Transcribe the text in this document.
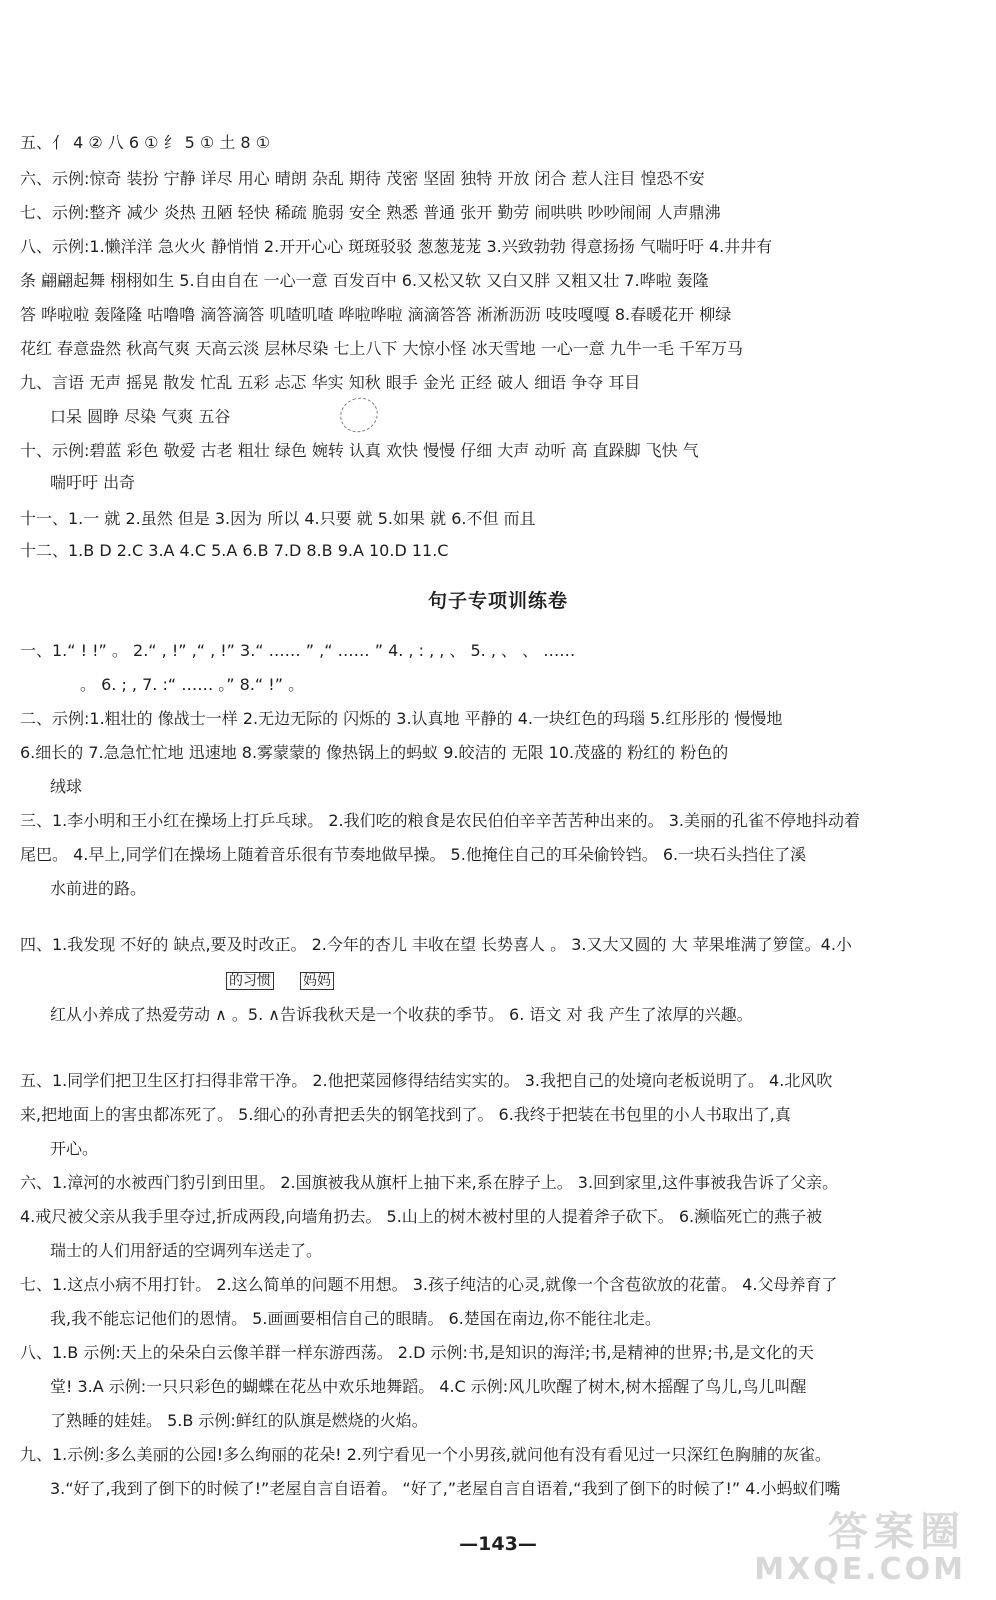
五、亻 4 ② 八 6 ① 纟 5 ① 土 8 ①
六、示例:惊奇 装扮 宁静 详尽 用心 晴朗 杂乱 期待 茂密 坚固 独特 开放 闭合 惹人注目 惶恐不安
七、示例:整齐 减少 炎热 丑陋 轻快 稀疏 脆弱 安全 熟悉 普通 张开 勤劳 闹哄哄 吵吵闹闹 人声鼎沸
八、示例:1.懒洋洋 急火火 静悄悄 2.开开心心 斑斑驳驳 葱葱茏茏 3.兴致勃勃 得意扬扬 气喘吁吁 4.井井有
条 翩翩起舞 栩栩如生 5.自由自在 一心一意 百发百中 6.又松又软 又白又胖 又粗又壮 7.哗啦 轰隆
答 哗啦啦 轰隆隆 咕噜噜 滴答滴答 叽喳叽喳 哗啦哗啦 滴滴答答 淅淅沥沥 吱吱嘎嘎 8.春暖花开 柳绿
花红 春意盎然 秋高气爽 天高云淡 层林尽染 七上八下 大惊小怪 冰天雪地 一心一意 九牛一毛 千军万马
九、言语 无声 摇晃 散发 忙乱 五彩 忐忑 华实 知秋 眼手 金光 正经 破人 细语 争夺 耳目
口呆 圆睁 尽染 气爽 五谷
十、示例:碧蓝 彩色 敬爱 古老 粗壮 绿色 婉转 认真 欢快 慢慢 仔细 大声 动听 高 直跺脚 飞快 气
喘吁吁 出奇
十一、1.一 就 2.虽然 但是 3.因为 所以 4.只要 就 5.如果 就 6.不但 而且
十二、1.B D 2.C 3.A 4.C 5.A 6.B 7.D 8.B 9.A 10.D 11.C
一、1.“ ! !” 。 2.“ , !” ,“ , !” 3.“ …… ” ,“ …… ” 4. , : , , 、 5. , 、 、 ……
。 6. ; , 7. :“ …… 。” 8.“ !” 。
二、示例:1.粗壮的 像战士一样 2.无边无际的 闪烁的 3.认真地 平静的 4.一块红色的玛瑙 5.红彤彤的 慢慢地
6.细长的 7.急急忙忙地 迅速地 8.雾蒙蒙的 像热锅上的蚂蚁 9.皎洁的 无限 10.茂盛的 粉红的 粉色的
绒球
三、1.李小明和王小红在操场上打乒乓球。 2.我们吃的粮食是农民伯伯辛辛苦苦种出来的。 3.美丽的孔雀不停地抖动着
尾巴。 4.早上,同学们在操场上随着音乐很有节奏地做早操。 5.他掩住自己的耳朵偷铃铛。 6.一块石头挡住了溪
水前进的路。
四、1.我发现 不好的 缺点,要及时改正。 2.今年的杏儿 丰收在望 长势喜人 。 3.又大又圆的 大 苹果堆满了箩筐。4.小
红从小养成了热爱劳动 ∧ 。5. ∧告诉我秋天是一个收获的季节。 6. 语文 对 我 产生了浓厚的兴趣。
五、1.同学们把卫生区打扫得非常干净。 2.他把菜园修得结结实实的。 3.我把自己的处境向老板说明了。 4.北风吹
来,把地面上的害虫都冻死了。 5.细心的孙青把丢失的钢笔找到了。 6.我终于把装在书包里的小人书取出了,真
开心。
六、1.漳河的水被西门豹引到田里。 2.国旗被我从旗杆上抽下来,系在脖子上。 3.回到家里,这件事被我告诉了父亲。
4.戒尺被父亲从我手里夺过,折成两段,向墙角扔去。 5.山上的树木被村里的人提着斧子砍下。 6.濒临死亡的燕子被
瑞士的人们用舒适的空调列车送走了。
七、1.这点小病不用打针。 2.这么简单的问题不用想。 3.孩子纯洁的心灵,就像一个含苞欲放的花蕾。 4.父母养育了
我,我不能忘记他们的恩情。 5.画画要相信自己的眼睛。 6.楚国在南边,你不能往北走。
八、1.B 示例:天上的朵朵白云像羊群一样东游西荡。 2.D 示例:书,是知识的海洋;书,是精神的世界;书,是文化的天
堂! 3.A 示例:一只只彩色的蝴蝶在花丛中欢乐地舞蹈。 4.C 示例:风儿吹醒了树木,树木摇醒了鸟儿,鸟儿叫醒
了熟睡的娃娃。 5.B 示例:鲜红的队旗是燃烧的火焰。
九、1.示例:多么美丽的公园!多么绚丽的花朵! 2.列宁看见一个小男孩,就问他有没有看见过一只深红色胸脯的灰雀。
3.“好了,我到了倒下的时候了!”老屋自言自语着。 “好了,”老屋自言自语着,“我到了倒下的时候了!” 4.小蚂蚁们嘴
句子专项训练卷
的习惯 妈妈
—143—	答案圈
MXQE.COM
